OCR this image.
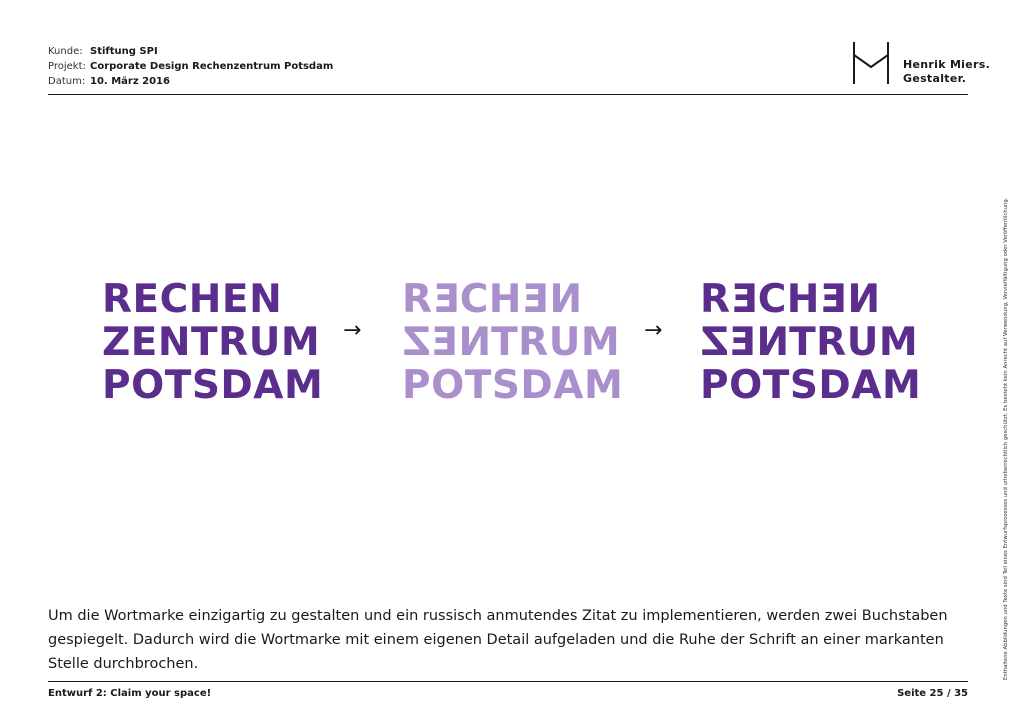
Kunde: Stiftung SPI
Projekt: Corporate Design Rechenzentrum Potsdam
Datum: 10. März 2016
Henrik Miers.
Gestalter.
RECHEN
ZENTRUM
POTSDAM
→
RECHEN
ZENTRUM
POTSDAM
→
RECHEN
ZENTRUM
POTSDAM

Um die Wortmarke einzigartig zu gestalten und ein russisch anmutendes Zitat zu implementieren, werden zwei Buchstaben gespiegelt. Dadurch wird die Wortmarke mit einem eigenen Detail aufgeladen und die Ruhe der Schrift an einer markanten Stelle durchbrochen.

Entwurf 2: Claim your space!	Seite 25 / 35
Enthaltene Abbildungen und Texte sind Teil eines Entwurfsprozesses und urheberrechtlich geschützt. Es besteht kein Anrecht auf Verwendung, Vervielfältigung oder Veröffentlichung.
